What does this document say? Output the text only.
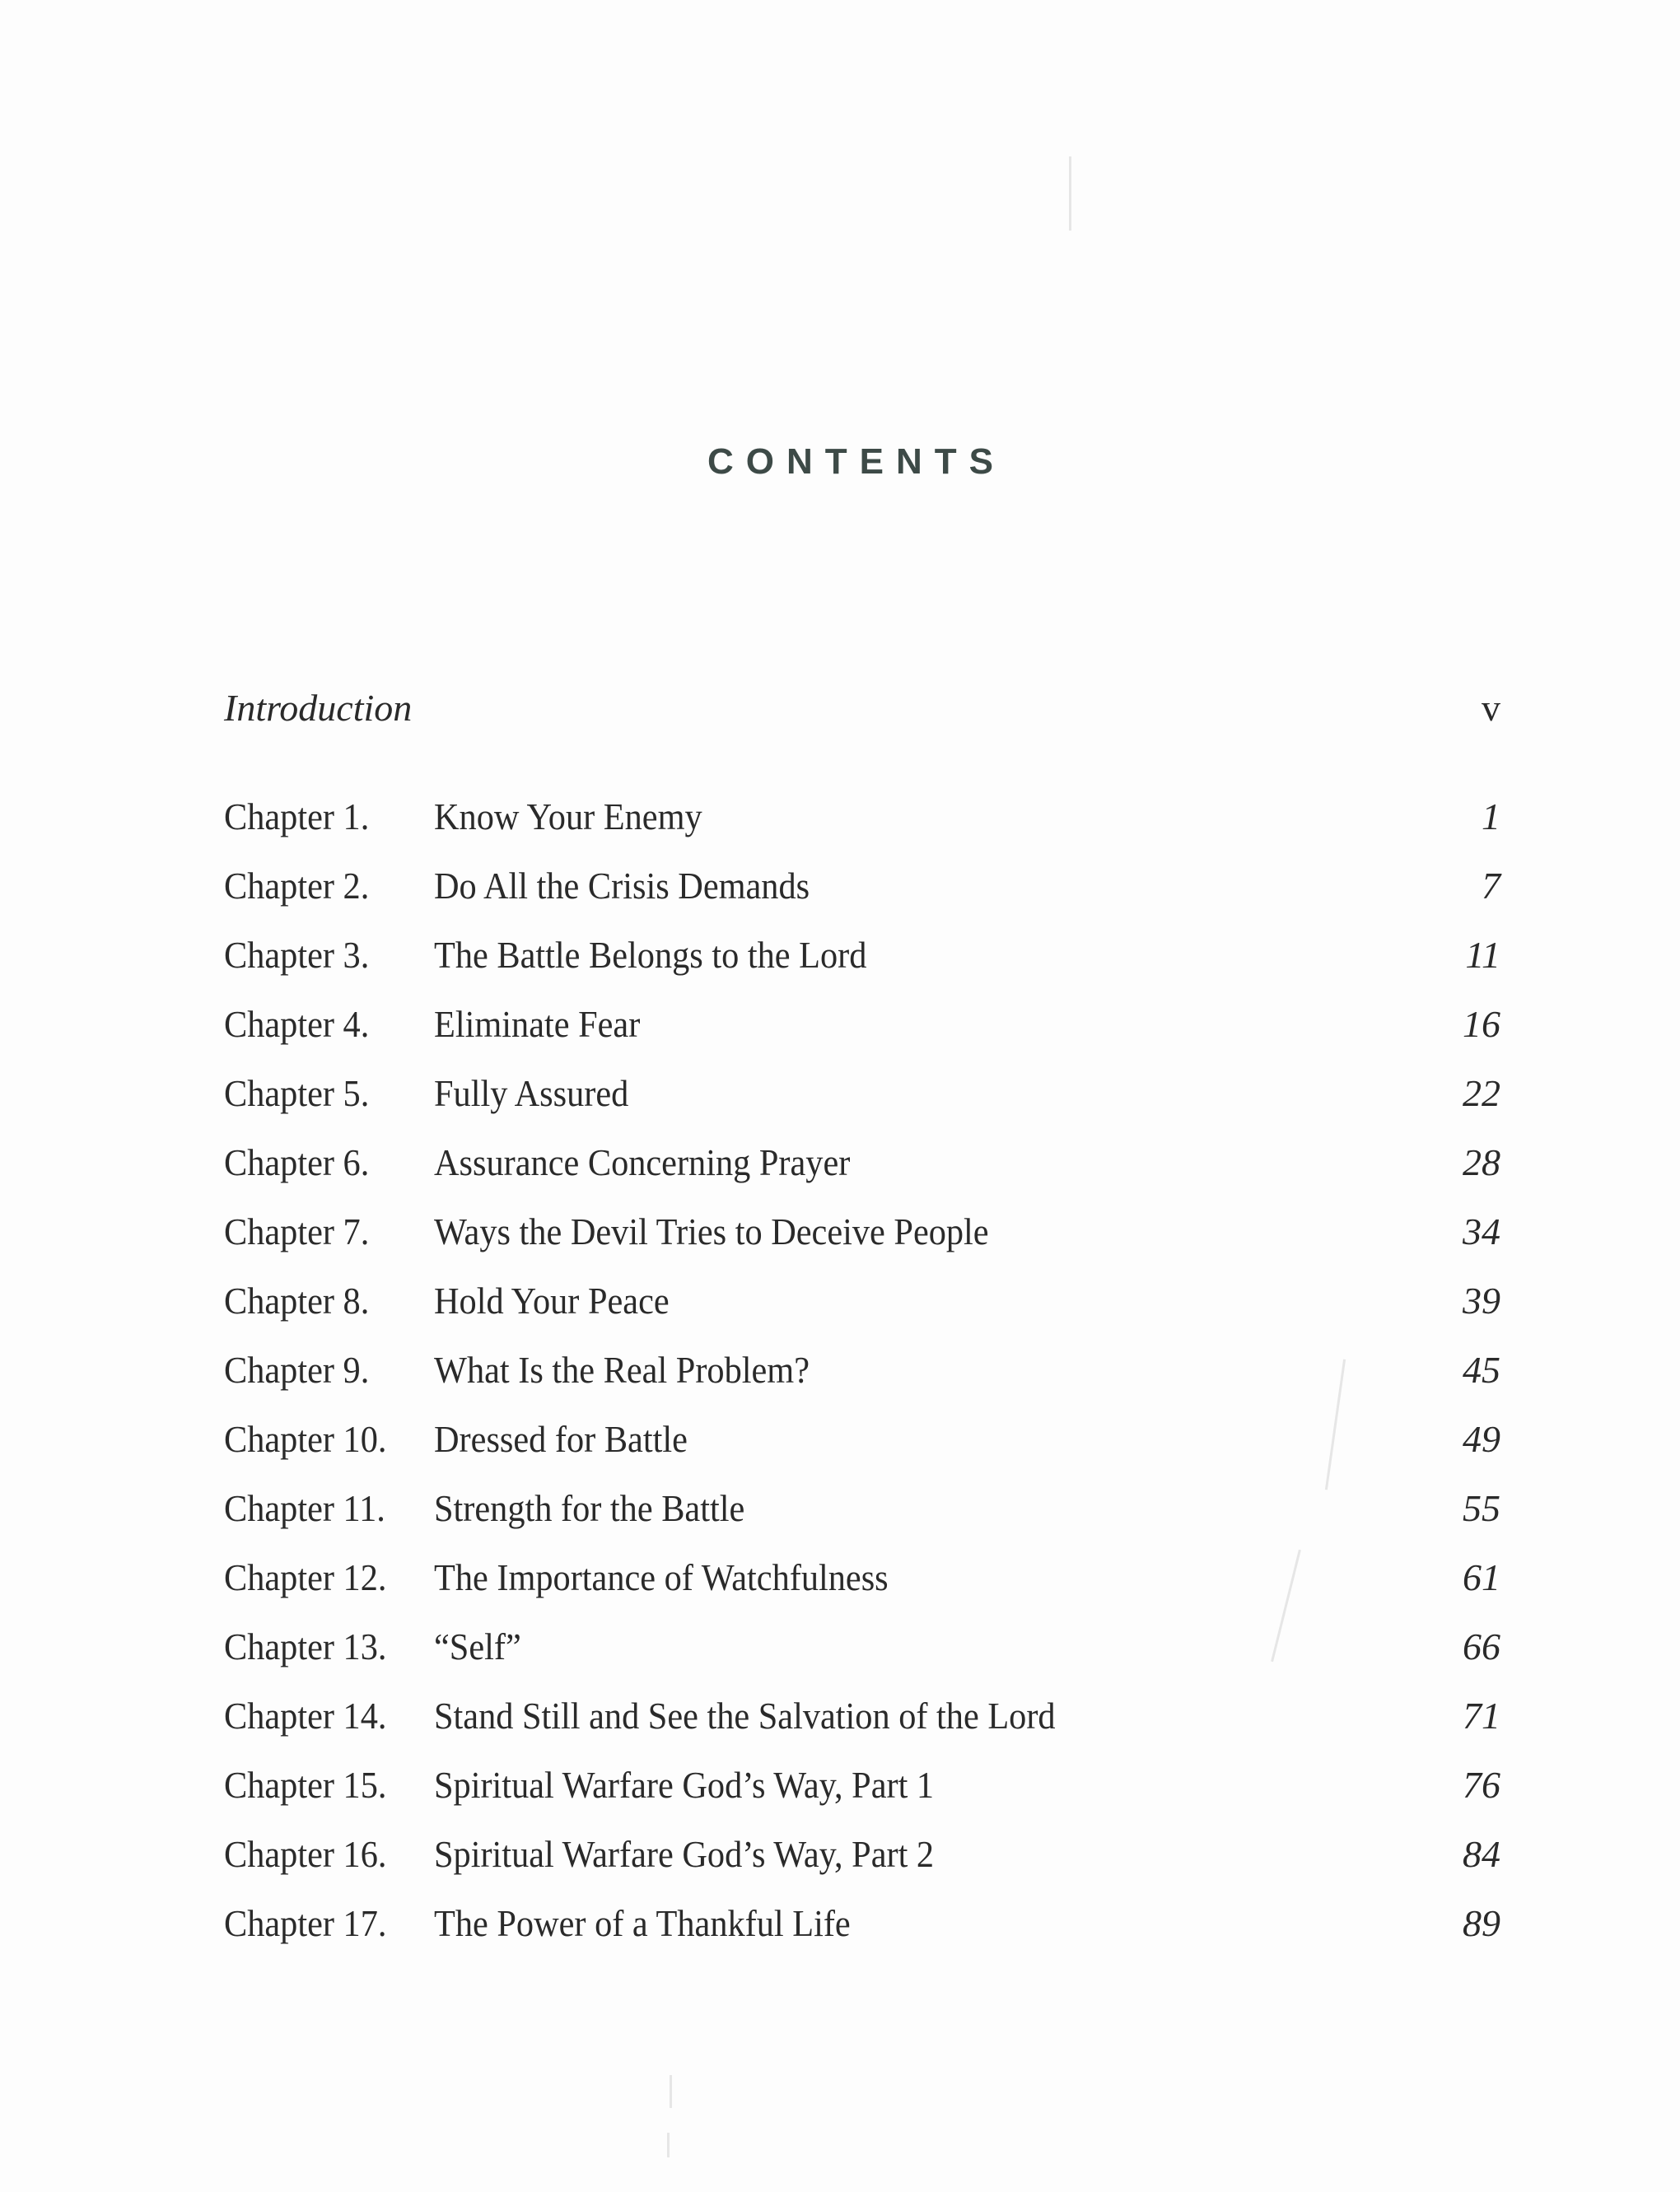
CONTENTS
Introduction	v
Chapter 1. Know Your Enemy	1
Chapter 2. Do All the Crisis Demands	7
Chapter 3. The Battle Belongs to the Lord	11
Chapter 4. Eliminate Fear	16
Chapter 5. Fully Assured	22
Chapter 6. Assurance Concerning Prayer	28
Chapter 7. Ways the Devil Tries to Deceive People	34
Chapter 8. Hold Your Peace	39
Chapter 9. What Is the Real Problem?	45
Chapter 10. Dressed for Battle	49
Chapter 11. Strength for the Battle	55
Chapter 12. The Importance of Watchfulness	61
Chapter 13. “Self”	66
Chapter 14. Stand Still and See the Salvation of the Lord	71
Chapter 15. Spiritual Warfare God’s Way, Part 1	76
Chapter 16. Spiritual Warfare God’s Way, Part 2	84
Chapter 17. The Power of a Thankful Life	89
